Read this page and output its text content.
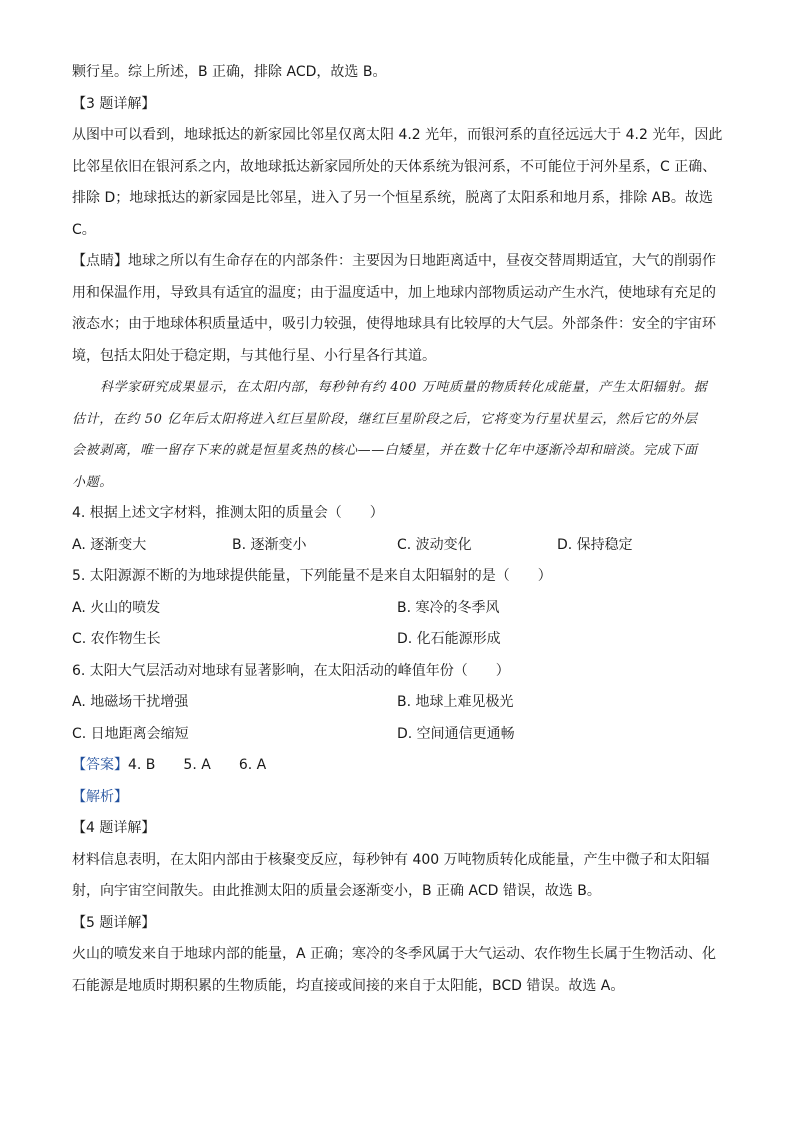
颗行星。综上所述，B 正确，排除 ACD，故选 B。
【3 题详解】
从图中可以看到，地球抵达的新家园比邻星仅离太阳 4.2 光年，而银河系的直径远远大于 4.2 光年，因此
比邻星依旧在银河系之内，故地球抵达新家园所处的天体系统为银河系，不可能位于河外星系，C 正确、
排除 D；地球抵达的新家园是比邻星，进入了另一个恒星系统，脱离了太阳系和地月系，排除 AB。故选
C。
【点睛】地球之所以有生命存在的内部条件：主要因为日地距离适中，昼夜交替周期适宜，大气的削弱作
用和保温作用，导致具有适宜的温度；由于温度适中，加上地球内部物质运动产生水汽，使地球有充足的
液态水；由于地球体积质量适中，吸引力较强，使得地球具有比较厚的大气层。外部条件：安全的宇宙环
境，包括太阳处于稳定期，与其他行星、小行星各行其道。
科学家研究成果显示，在太阳内部，每秒钟有约 400 万吨质量的物质转化成能量，产生太阳辐射。据
估计，在约 50 亿年后太阳将进入红巨星阶段，继红巨星阶段之后，它将变为行星状星云，然后它的外层
会被剥离，唯一留存下来的就是恒星炙热的核心——白矮星，并在数十亿年中逐渐冷却和暗淡。完成下面
小题。
4. 根据上述文字材料，推测太阳的质量会（　　）
A. 逐渐变大	B. 逐渐变小	C. 波动变化	D. 保持稳定
5. 太阳源源不断的为地球提供能量，下列能量不是来自太阳辐射的是（　　）
A. 火山的喷发	B. 寒冷的冬季风
C. 农作物生长	D. 化石能源形成
6. 太阳大气层活动对地球有显著影响，在太阳活动的峰值年份（　　）
A. 地磁场干扰增强	B. 地球上难见极光
C. 日地距离会缩短	D. 空间通信更通畅
【答案】4. B 5. A 6. A
【解析】
【4 题详解】
材料信息表明，在太阳内部由于核聚变反应，每秒钟有 400 万吨物质转化成能量，产生中微子和太阳辐
射，向宇宙空间散失。由此推测太阳的质量会逐渐变小，B 正确 ACD 错误，故选 B。
【5 题详解】
火山的喷发来自于地球内部的能量，A 正确；寒冷的冬季风属于大气运动、农作物生长属于生物活动、化
石能源是地质时期积累的生物质能，均直接或间接的来自于太阳能，BCD 错误。故选 A。
